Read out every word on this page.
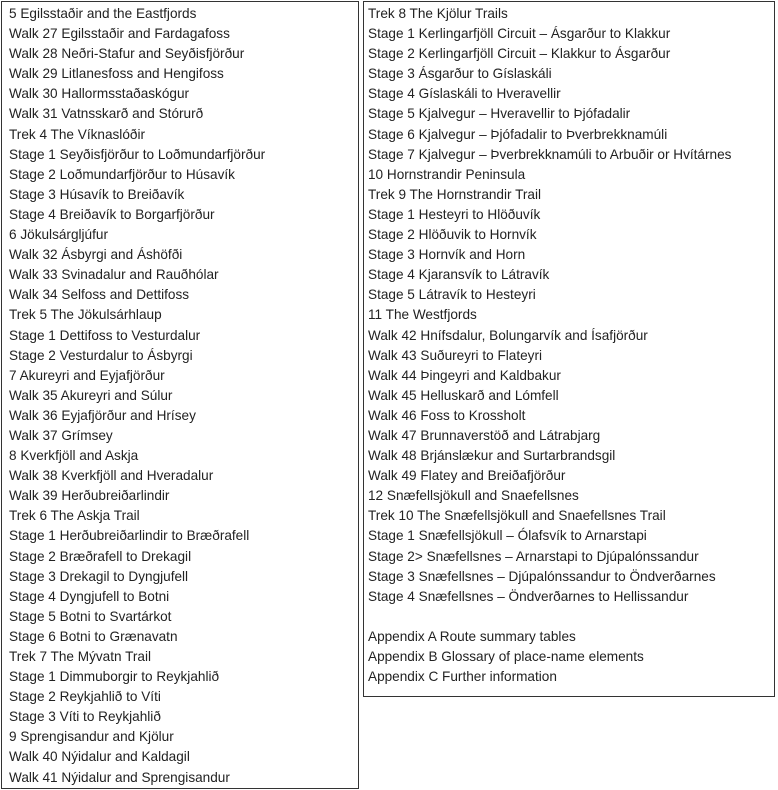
5 Egilsstaðir and the Eastfjords
Walk 27 Egilsstaðir and Fardagafoss
Walk 28 Neðri-Stafur and Seyðisfjörður
Walk 29 Litlanesfoss and Hengifoss
Walk 30 Hallormsstaðaskógur
Walk 31 Vatnsskarð and Stórurð
Trek 4 The Víknaslóðir
Stage 1 Seyðisfjörður to Loðmundarfjörður
Stage 2 Loðmundarfjörður to Húsavík
Stage 3 Húsavík to Breiðavík
Stage 4 Breiðavík to Borgarfjörður
6 Jökulsárgljúfur
Walk 32 Ásbyrgi and Áshöfði
Walk 33 Svinadalur and Rauðhólar
Walk 34 Selfoss and Dettifoss
Trek 5 The Jökulsárhlaup
Stage 1 Dettifoss to Vesturdalur
Stage 2 Vesturdalur to Ásbyrgi
7 Akureyri and Eyjafjörður
Walk 35 Akureyri and Súlur
Walk 36 Eyjafjörður and Hrísey
Walk 37 Grímsey
8 Kverkfjöll and Askja
Walk 38 Kverkfjöll and Hveradalur
Walk 39 Herðubreiðarlindir
Trek 6 The Askja Trail
Stage 1 Herðubreiðarlindir to Bræðrafell
Stage 2 Bræðrafell to Drekagil
Stage 3 Drekagil to Dyngjufell
Stage 4 Dyngjufell to Botni
Stage 5 Botni to Svartárkot
Stage 6 Botni to Grænavatn
Trek 7 The Mývatn Trail
Stage 1 Dimmuborgir to Reykjahlið
Stage 2 Reykjahlið to Víti
Stage 3 Víti to Reykjahlið
9 Sprengisandur and Kjölur
Walk 40 Nýidalur and Kaldagil
Walk 41 Nýidalur and Sprengisandur
Trek 8 The Kjölur Trails
Stage 1 Kerlingarfjöll Circuit – Ásgarður to Klakkur
Stage 2 Kerlingarfjöll Circuit – Klakkur to Ásgarður
Stage 3 Ásgarður to Gíslaskáli
Stage 4 Gíslaskáli to Hveravellir
Stage 5 Kjalvegur – Hveravellir to Þjófadalir
Stage 6 Kjalvegur – Þjófadalir to Þverbrekknamúli
Stage 7 Kjalvegur – Þverbrekknamúli to Arbuðir or Hvítárnes
10 Hornstrandir Peninsula
Trek 9 The Hornstrandir Trail
Stage 1 Hesteyri to Hlöðuvík
Stage 2 Hlöðuvik to Hornvík
Stage 3 Hornvík and Horn
Stage 4 Kjaransvík to Látravík
Stage 5 Látravík to Hesteyri
11 The Westfjords
Walk 42 Hnífsdalur, Bolungarvík and Ísafjörður
Walk 43 Suðureyri to Flateyri
Walk 44 Þingeyri and Kaldbakur
Walk 45 Helluskarð and Lómfell
Walk 46 Foss to Krossholt
Walk 47 Brunnaverstöð and Látrabjarg
Walk 48 Brjánslækur and Surtarbrandsgil
Walk 49 Flatey and Breiðafjörður
12 Snæfellsjökull and Snaefellsnes
Trek 10 The Snæfellsjökull and Snaefellsnes Trail
Stage 1 Snæfellsjökull – Ólafsvík to Arnarstapi
Stage 2> Snæfellsnes – Arnarstapi to Djúpalónssandur
Stage 3 Snæfellsnes – Djúpalónssandur to Öndverðarnes
Stage 4 Snæfellsnes – Öndverðarnes to Hellissandur
Appendix A Route summary tables
Appendix B Glossary of place-name elements
Appendix C Further information
